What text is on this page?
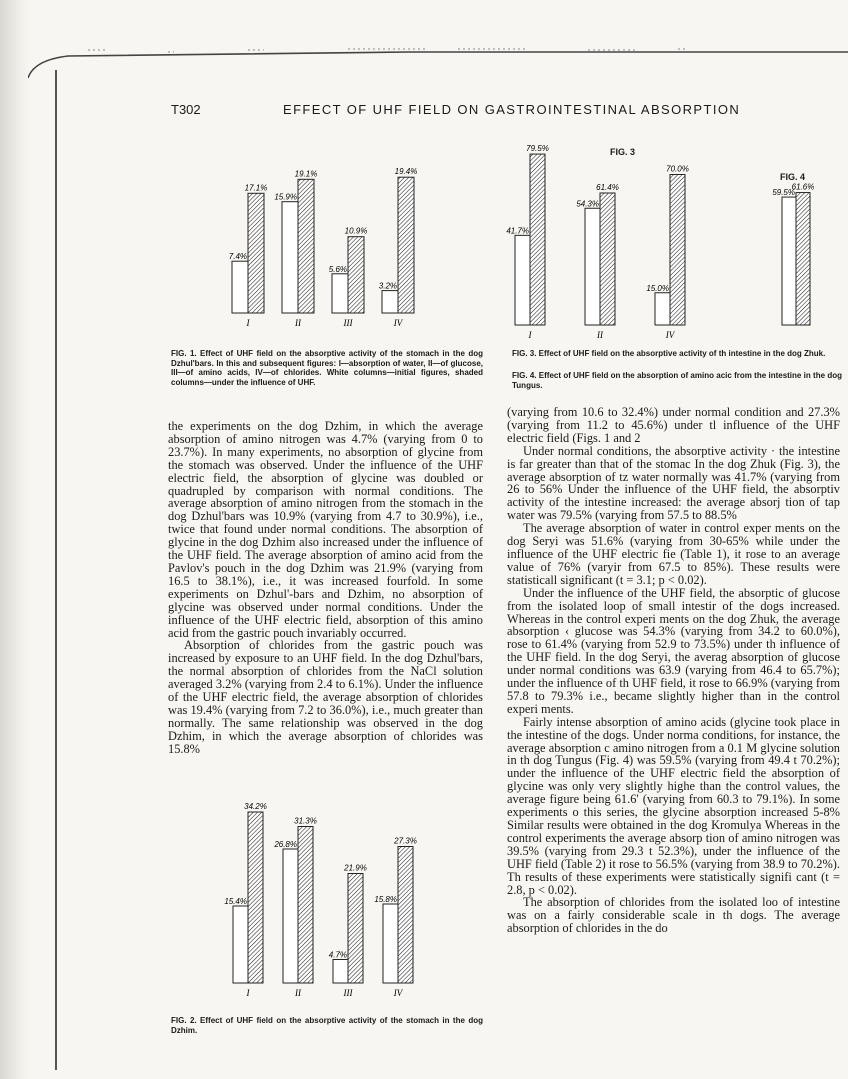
T302	EFFECT OF UHF FIELD ON GASTROINTESTINAL ABSORPTION
7.4%
17.1%
I
15.9%
19.1%
II
5.6%
10.9%
III
3.2%
19.4%
IV
FIG. 1. Effect of UHF field on the absorptive activity of the stomach in the dog Dzhul'bars. In this and subsequent figures: I—absorption of water, II—of glucose, III—of amino acids, IV—of chlorides. White columns—initial figures, shaded columns—under the influence of UHF.
FIG. 3
41.7%
79.5%
I
54.3%
61.4%
II
15.0%
70.0%
IV
FIG. 4
59.5%
61.6%
FIG. 3. Effect of UHF field on the absorptive activity of th intestine in the dog Zhuk.
FIG. 4. Effect of UHF field on the absorption of amino acic from the intestine in the dog Tungus.

the experiments on the dog Dzhim, in which the average absorption of amino nitrogen was 4.7% (varying from 0 to 23.7%). In many experiments, no absorption of glycine from the stomach was observed. Under the influence of the UHF electric field, the absorption of glycine was doubled or quadrupled by comparison with normal conditions. The average absorption of amino nitrogen from the stomach in the dog Dzhul'bars was 10.9% (varying from 4.7 to 30.9%), i.e., twice that found under normal conditions. The absorption of glycine in the dog Dzhim also increased under the influence of the UHF field. The average absorption of amino acid from the Pavlov's pouch in the dog Dzhim was 21.9% (varying from 16.5 to 38.1%), i.e., it was increased fourfold. In some experiments on Dzhul'-bars and Dzhim, no absorption of glycine was observed under normal conditions. Under the influence of the UHF electric field, absorption of this amino acid from the gastric pouch invariably occurred.

Absorption of chlorides from the gastric pouch was increased by exposure to an UHF field. In the dog Dzhul'bars, the normal absorption of chlorides from the NaCl solution averaged 3.2% (varying from 2.4 to 6.1%). Under the influence of the UHF electric field, the average absorption of chlorides was 19.4% (varying from 7.2 to 36.0%), i.e., much greater than normally. The same relationship was observed in the dog Dzhim, in which the average absorption of chlorides was 15.8%

15.4%
34.2%
I
26.8%
31.3%
II
4.7%
21.9%
III
15.8%
27.3%
IV
FIG. 2. Effect of UHF field on the absorptive activity of the stomach in the dog Dzhim.

(varying from 10.6 to 32.4%) under normal condition and 27.3% (varying from 11.2 to 45.6%) under tl influence of the UHF electric field (Figs. 1 and 2

Under normal conditions, the absorptive activity · the intestine is far greater than that of the stomac In the dog Zhuk (Fig. 3), the average absorption of tz water normally was 41.7% (varying from 26 to 56% Under the influence of the UHF field, the absorptiv activity of the intestine increased: the average absorj tion of tap water was 79.5% (varying from 57.5 to 88.5%

The average absorption of water in control exper ments on the dog Seryi was 51.6% (varying from 30-65% while under the influence of the UHF electric fie (Table 1), it rose to an average value of 76% (varyir from 67.5 to 85%). These results were statisticall significant (t = 3.1; p < 0.02).

Under the influence of the UHF field, the absorptic of glucose from the isolated loop of small intestir of the dogs increased. Whereas in the control experi ments on the dog Zhuk, the average absorption ‹ glucose was 54.3% (varying from 34.2 to 60.0%), rose to 61.4% (varying from 52.9 to 73.5%) under th influence of the UHF field. In the dog Seryi, the averag absorption of glucose under normal conditions was 63.9 (varying from 46.4 to 65.7%); under the influence of th UHF field, it rose to 66.9% (varying from 57.8 to 79.3% i.e., became slightly higher than in the control experi ments.

Fairly intense absorption of amino acids (glycine took place in the intestine of the dogs. Under norma conditions, for instance, the average absorption c amino nitrogen from a 0.1 M glycine solution in th dog Tungus (Fig. 4) was 59.5% (varying from 49.4 t 70.2%); under the influence of the UHF electric field the absorption of glycine was only very slightly highe than the control values, the average figure being 61.6' (varying from 60.3 to 79.1%). In some experiments o this series, the glycine absorption increased 5-8% Similar results were obtained in the dog Kromulya Whereas in the control experiments the average absorp tion of amino nitrogen was 39.5% (varying from 29.3 t 52.3%), under the influence of the UHF field (Table 2) it rose to 56.5% (varying from 38.9 to 70.2%). Th results of these experiments were statistically signifi cant (t = 2.8, p < 0.02).

The absorption of chlorides from the isolated loo of intestine was on a fairly considerable scale in th dogs. The average absorption of chlorides in the do
